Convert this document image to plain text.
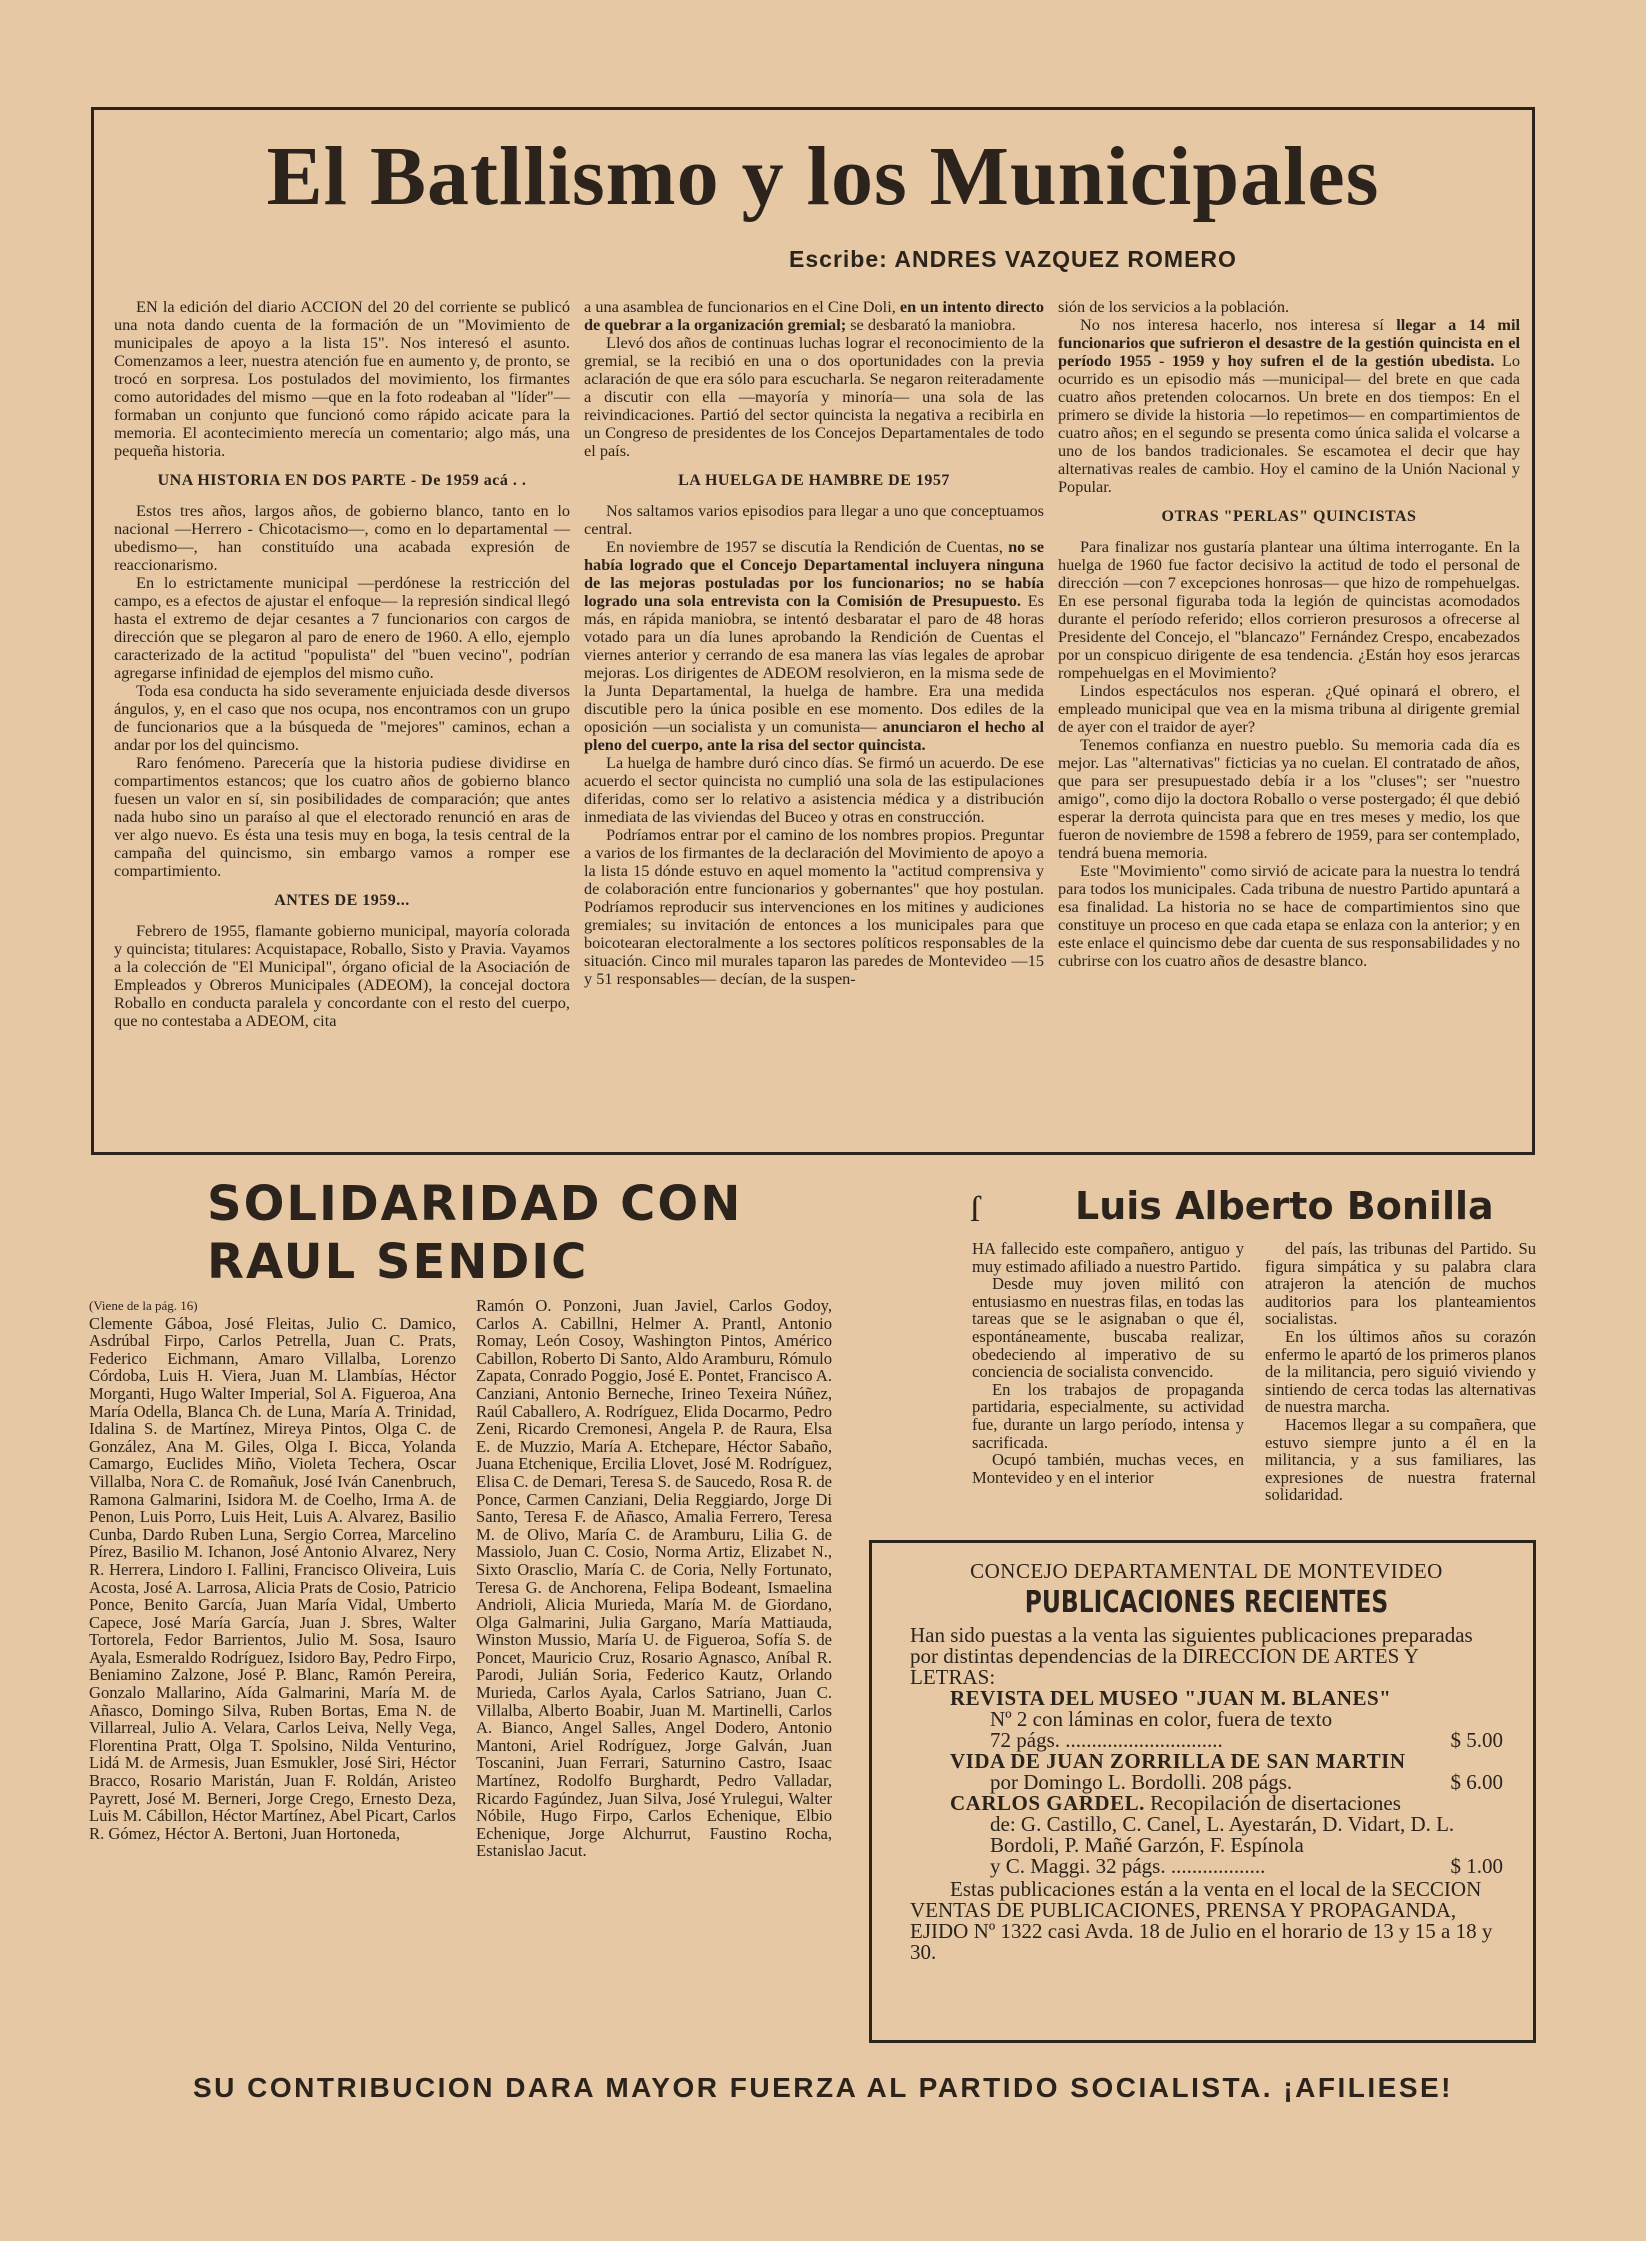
El Batllismo y los Municipales
Escribe: ANDRES VAZQUEZ ROMERO

EN la edición del diario ACCION del 20 del corriente se publicó una nota dando cuenta de la formación de un "Movimiento de municipales de apoyo a la lista 15". Nos interesó el asunto. Comenzamos a leer, nuestra atención fue en aumento y, de pronto, se trocó en sorpresa. Los postulados del movimiento, los firmantes como autoridades del mismo —que en la foto rodeaban al "líder"— formaban un conjunto que funcionó como rápido acicate para la memoria. El acontecimiento merecía un comentario; algo más, una pequeña historia.

UNA HISTORIA EN DOS PARTE - De 1959 acá . .

Estos tres años, largos años, de gobierno blanco, tanto en lo nacional —Herrero - Chicotacismo—, como en lo departamental —ubedismo—, han constituído una acabada expresión de reaccionarismo.

En lo estrictamente municipal —perdónese la restricción del campo, es a efectos de ajustar el enfoque— la represión sindical llegó hasta el extremo de dejar cesantes a 7 funcionarios con cargos de dirección que se plegaron al paro de enero de 1960. A ello, ejemplo caracterizado de la actitud "populista" del "buen vecino", podrían agregarse infinidad de ejemplos del mismo cuño.

Toda esa conducta ha sido severamente enjuiciada desde diversos ángulos, y, en el caso que nos ocupa, nos encontramos con un grupo de funcionarios que a la búsqueda de "mejores" caminos, echan a andar por los del quincismo.

Raro fenómeno. Parecería que la historia pudiese dividirse en compartimentos estancos; que los cuatro años de gobierno blanco fuesen un valor en sí, sin posibilidades de comparación; que antes nada hubo sino un paraíso al que el electorado renunció en aras de ver algo nuevo. Es ésta una tesis muy en boga, la tesis central de la campaña del quincismo, sin embargo vamos a romper ese compartimiento.

ANTES DE 1959...

Febrero de 1955, flamante gobierno municipal, mayoría colorada y quincista; titulares: Acquistapace, Roballo, Sisto y Pravia. Vayamos a la colección de "El Municipal", órgano oficial de la Asociación de Empleados y Obreros Municipales (ADEOM), la concejal doctora Roballo en conducta paralela y concordante con el resto del cuerpo, que no contestaba a ADEOM, cita

a una asamblea de funcionarios en el Cine Doli, en un intento directo de quebrar a la organización gremial; se desbarató la maniobra.

Llevó dos años de continuas luchas lograr el reconocimiento de la gremial, se la recibió en una o dos oportunidades con la previa aclaración de que era sólo para escucharla. Se negaron reiteradamente a discutir con ella —mayoría y minoría— una sola de las reivindicaciones. Partió del sector quincista la negativa a recibirla en un Congreso de presidentes de los Concejos Departamentales de todo el país.

LA HUELGA DE HAMBRE DE 1957

Nos saltamos varios episodios para llegar a uno que conceptuamos central.

En noviembre de 1957 se discutía la Rendición de Cuentas, no se había logrado que el Concejo Departamental incluyera ninguna de las mejoras postuladas por los funcionarios; no se había logrado una sola entrevista con la Comisión de Presupuesto. Es más, en rápida maniobra, se intentó desbaratar el paro de 48 horas votado para un día lunes aprobando la Rendición de Cuentas el viernes anterior y cerrando de esa manera las vías legales de aprobar mejoras. Los dirigentes de ADEOM resolvieron, en la misma sede de la Junta Departamental, la huelga de hambre. Era una medida discutible pero la única posible en ese momento. Dos ediles de la oposición —un socialista y un comunista— anunciaron el hecho al pleno del cuerpo, ante la risa del sector quincista.

La huelga de hambre duró cinco días. Se firmó un acuerdo. De ese acuerdo el sector quincista no cumplió una sola de las estipulaciones diferidas, como ser lo relativo a asistencia médica y a distribución inmediata de las viviendas del Buceo y otras en construcción.

Podríamos entrar por el camino de los nombres propios. Preguntar a varios de los firmantes de la declaración del Movimiento de apoyo a la lista 15 dónde estuvo en aquel momento la "actitud comprensiva y de colaboración entre funcionarios y gobernantes" que hoy postulan. Podríamos reproducir sus intervenciones en los mitines y audiciones gremiales; su invitación de entonces a los municipales para que boicotearan electoralmente a los sectores políticos responsables de la situación. Cinco mil murales taparon las paredes de Montevideo —15 y 51 responsables— decían, de la suspen-

sión de los servicios a la población.

No nos interesa hacerlo, nos interesa sí llegar a 14 mil funcionarios que sufrieron el desastre de la gestión quincista en el período 1955 - 1959 y hoy sufren el de la gestión ubedista. Lo ocurrido es un episodio más —municipal— del brete en que cada cuatro años pretenden colocarnos. Un brete en dos tiempos: En el primero se divide la historia —lo repetimos— en compartimientos de cuatro años; en el segundo se presenta como única salida el volcarse a uno de los bandos tradicionales. Se escamotea el decir que hay alternativas reales de cambio. Hoy el camino de la Unión Nacional y Popular.

OTRAS "PERLAS" QUINCISTAS

Para finalizar nos gustaría plantear una última interrogante. En la huelga de 1960 fue factor decisivo la actitud de todo el personal de dirección —con 7 excepciones honrosas— que hizo de rompehuelgas. En ese personal figuraba toda la legión de quincistas acomodados durante el período referido; ellos corrieron presurosos a ofrecerse al Presidente del Concejo, el "blancazo" Fernández Crespo, encabezados por un conspicuo dirigente de esa tendencia. ¿Están hoy esos jerarcas rompehuelgas en el Movimiento?

Lindos espectáculos nos esperan. ¿Qué opinará el obrero, el empleado municipal que vea en la misma tribuna al dirigente gremial de ayer con el traidor de ayer?

Tenemos confianza en nuestro pueblo. Su memoria cada día es mejor. Las "alternativas" ficticias ya no cuelan. El contratado de años, que para ser presupuestado debía ir a los "cluses"; ser "nuestro amigo", como dijo la doctora Roballo o verse postergado; él que debió esperar la derrota quincista para que en tres meses y medio, los que fueron de noviembre de 1598 a febrero de 1959, para ser contemplado, tendrá buena memoria.

Este "Movimiento" como sirvió de acicate para la nuestra lo tendrá para todos los municipales. Cada tribuna de nuestro Partido apuntará a esa finalidad. La historia no se hace de compartimientos sino que constituye un proceso en que cada etapa se enlaza con la anterior; y en este enlace el quincismo debe dar cuenta de sus responsabilidades y no cubrirse con los cuatro años de desastre blanco.

SOLIDARIDAD CON
RAUL SENDIC
(Viene de la pág. 16)
Clemente Gáboa, José Fleitas, Julio C. Damico, Asdrúbal Firpo, Carlos Petrella, Juan C. Prats, Federico Eichmann, Amaro Villalba, Lorenzo Córdoba, Luis H. Viera, Juan M. Llambías, Héctor Morganti, Hugo Walter Imperial, Sol A. Figueroa, Ana María Odella, Blanca Ch. de Luna, María A. Trinidad, Idalina S. de Martínez, Mireya Pintos, Olga C. de González, Ana M. Giles, Olga I. Bicca, Yolanda Camargo, Euclides Miño, Violeta Techera, Oscar Villalba, Nora C. de Romañuk, José Iván Canenbruch, Ramona Galmarini, Isidora M. de Coelho, Irma A. de Penon, Luis Porro, Luis Heit, Luis A. Alvarez, Basilio Cunba, Dardo Ruben Luna, Sergio Correa, Marcelino Pírez, Basilio M. Ichanon, José Antonio Alvarez, Nery R. Herrera, Lindoro I. Fallini, Francisco Oliveira, Luis Acosta, José A. Larrosa, Alicia Prats de Cosio, Patricio Ponce, Benito García, Juan María Vidal, Umberto Capece, José María García, Juan J. Sbres, Walter Tortorela, Fedor Barrientos, Julio M. Sosa, Isauro Ayala, Esmeraldo Rodríguez, Isidoro Bay, Pedro Firpo, Beniamino Zalzone, José P. Blanc, Ramón Pereira, Gonzalo Mallarino, Aída Galmarini, María M. de Añasco, Domingo Silva, Ruben Bortas, Ema N. de Villarreal, Julio A. Velara, Carlos Leiva, Nelly Vega, Florentina Pratt, Olga T. Spolsino, Nilda Venturino, Lidá M. de Armesis, Juan Esmukler, José Siri, Héctor Bracco, Rosario Maristán, Juan F. Roldán, Aristeo Payrett, José M. Berneri, Jorge Crego, Ernesto Deza, Luis M. Cábillon, Héctor Martínez, Abel Picart, Carlos R. Gómez, Héctor A. Bertoni, Juan Hortoneda,
Ramón O. Ponzoni, Juan Javiel, Carlos Godoy, Carlos A. Cabillni, Helmer A. Prantl, Antonio Romay, León Cosoy, Washington Pintos, Américo Cabillon, Roberto Di Santo, Aldo Aramburu, Rómulo Zapata, Conrado Poggio, José E. Pontet, Francisco A. Canziani, Antonio Berneche, Irineo Texeira Núñez, Raúl Caballero, A. Rodríguez, Elida Docarmo, Pedro Zeni, Ricardo Cremonesi, Angela P. de Raura, Elsa E. de Muzzio, María A. Etchepare, Héctor Sabaño, Juana Etchenique, Ercilia Llovet, José M. Rodríguez, Elisa C. de Demari, Teresa S. de Saucedo, Rosa R. de Ponce, Carmen Canziani, Delia Reggiardo, Jorge Di Santo, Teresa F. de Añasco, Amalia Ferrero, Teresa M. de Olivo, María C. de Aramburu, Lilia G. de Massiolo, Juan C. Cosio, Norma Artiz, Elizabet N., Sixto Orasclio, María C. de Coria, Nelly Fortunato, Teresa G. de Anchorena, Felipa Bodeant, Ismaelina Andrioli, Alicia Murieda, María M. de Giordano, Olga Galmarini, Julia Gargano, María Mattiauda, Winston Mussio, María U. de Figueroa, Sofía S. de Poncet, Mauricio Cruz, Rosario Agnasco, Aníbal R. Parodi, Julián Soria, Federico Kautz, Orlando Murieda, Carlos Ayala, Carlos Satriano, Juan C. Villalba, Alberto Boabir, Juan M. Martinelli, Carlos A. Bianco, Angel Salles, Angel Dodero, Antonio Mantoni, Ariel Rodríguez, Jorge Galván, Juan Toscanini, Juan Ferrari, Saturnino Castro, Isaac Martínez, Rodolfo Burghardt, Pedro Valladar, Ricardo Fagúndez, Juan Silva, José Yrulegui, Walter Nóbile, Hugo Firpo, Carlos Echenique, Elbio Echenique, Jorge Alchurrut, Faustino Rocha, Estanislao Jacut.
ſ Luis Alberto Bonilla

HA fallecido este compañero, antiguo y muy estimado afiliado a nuestro Partido.

Desde muy joven militó con entusiasmo en nuestras filas, en todas las tareas que se le asignaban o que él, espontáneamente, buscaba realizar, obedeciendo al imperativo de su conciencia de socialista convencido.

En los trabajos de propaganda partidaria, especialmente, su actividad fue, durante un largo período, intensa y sacrificada.

Ocupó también, muchas veces, en Montevideo y en el interior

del país, las tribunas del Partido. Su figura simpática y su palabra clara atrajeron la atención de muchos auditorios para los planteamientos socialistas.

En los últimos años su corazón enfermo le apartó de los primeros planos de la militancia, pero siguió viviendo y sintiendo de cerca todas las alternativas de nuestra marcha.

Hacemos llegar a su compañera, que estuvo siempre junto a él en la militancia, y a sus familiares, las expresiones de nuestra fraternal solidaridad.

CONCEJO DEPARTAMENTAL DE MONTEVIDEO
PUBLICACIONES RECIENTES
Han sido puestas a la venta las siguientes publicaciones preparadas por distintas dependencias de la DIRECCION DE ARTES Y LETRAS:
REVISTA DEL MUSEO "JUAN M. BLANES"
Nº 2 con láminas en color, fuera de texto
72 págs. ..............................	$ 5.00
VIDA DE JUAN ZORRILLA DE SAN MARTIN
por Domingo L. Bordolli. 208 págs.	$ 6.00
CARLOS GARDEL. Recopilación de disertaciones
de: G. Castillo, C. Canel, L. Ayestarán, D. Vidart, D. L. Bordoli, P. Mañé Garzón, F. Espínola
y C. Maggi. 32 págs. ..................	$ 1.00
Estas publicaciones están a la venta en el local de la SECCION VENTAS DE PUBLICACIONES, PRENSA Y PROPAGANDA, EJIDO Nº 1322 casi Avda. 18 de Julio en el horario de 13 y 15 a 18 y 30.
SU CONTRIBUCION DARA MAYOR FUERZA AL PARTIDO SOCIALISTA. ¡AFILIESE!
